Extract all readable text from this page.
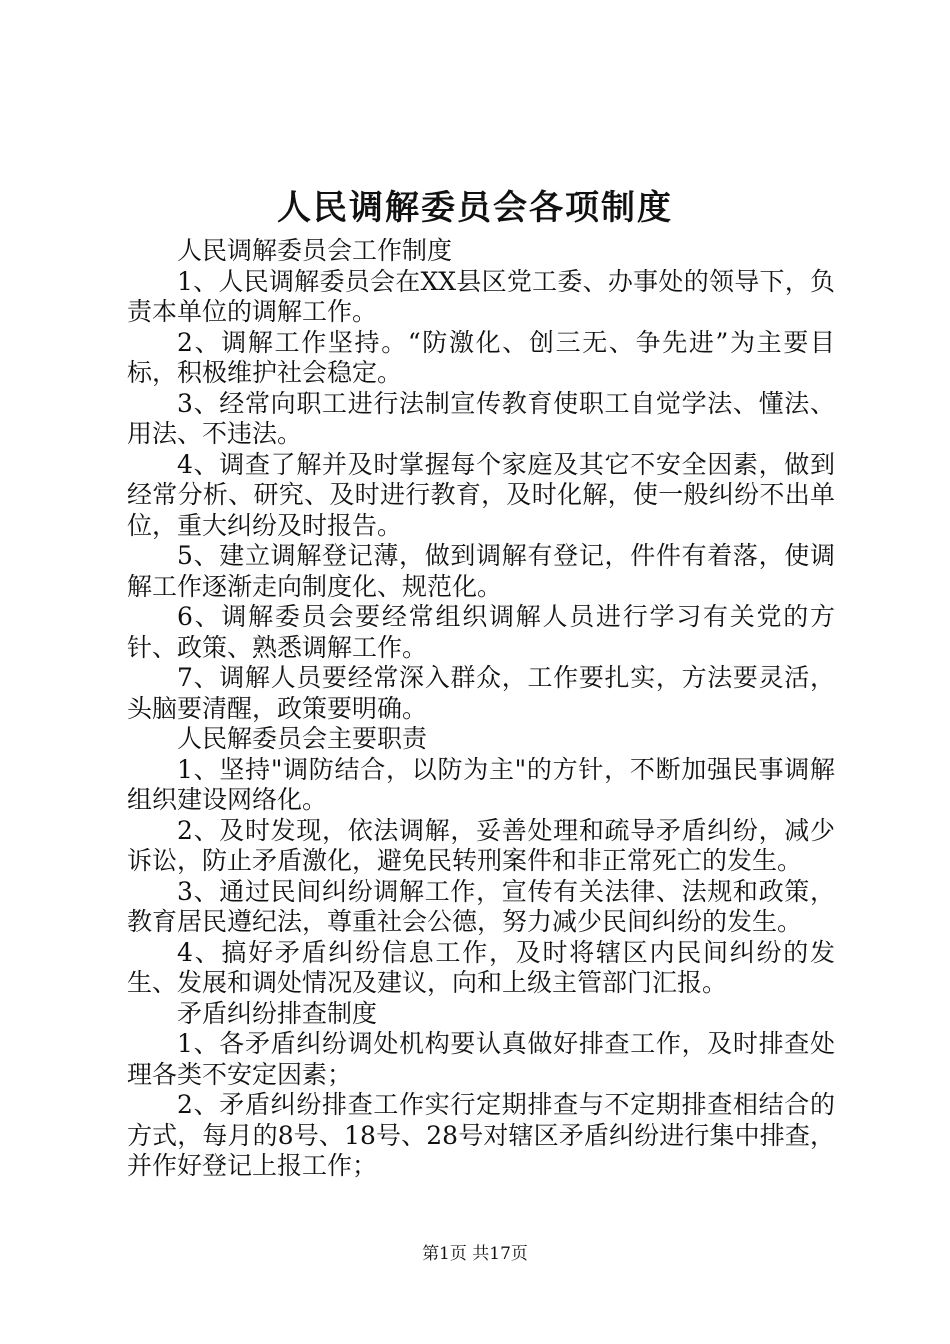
人民调解委员会各项制度

人民调解委员会工作制度

1、人民调解委员会在XX县区党工委、办事处的领导下，负责本单位的调解工作。

2、调解工作坚持。“防激化、创三无、争先进”为主要目标，积极维护社会稳定。

3、经常向职工进行法制宣传教育使职工自觉学法、懂法、用法、不违法。

4、调查了解并及时掌握每个家庭及其它不安全因素，做到经常分析、研究、及时进行教育，及时化解，使一般纠纷不出单位，重大纠纷及时报告。

5、建立调解登记薄，做到调解有登记，件件有着落，使调解工作逐渐走向制度化、规范化。

6、调解委员会要经常组织调解人员进行学习有关党的方针、政策、熟悉调解工作。

7、调解人员要经常深入群众，工作要扎实，方法要灵活，头脑要清醒，政策要明确。

人民解委员会主要职责

1、坚持"调防结合，以防为主"的方针，不断加强民事调解组织建设网络化。

2、及时发现，依法调解，妥善处理和疏导矛盾纠纷，减少诉讼，防止矛盾激化，避免民转刑案件和非正常死亡的发生。

3、通过民间纠纷调解工作，宣传有关法律、法规和政策，教育居民遵纪法，尊重社会公德，努力减少民间纠纷的发生。

4、搞好矛盾纠纷信息工作，及时将辖区内民间纠纷的发生、发展和调处情况及建议，向和上级主管部门汇报。

矛盾纠纷排查制度

1、各矛盾纠纷调处机构要认真做好排查工作，及时排查处理各类不安定因素；

2、矛盾纠纷排查工作实行定期排查与不定期排查相结合的方式，每月的8号、18号、28号对辖区矛盾纠纷进行集中排查，并作好登记上报工作；

第1页 共17页
